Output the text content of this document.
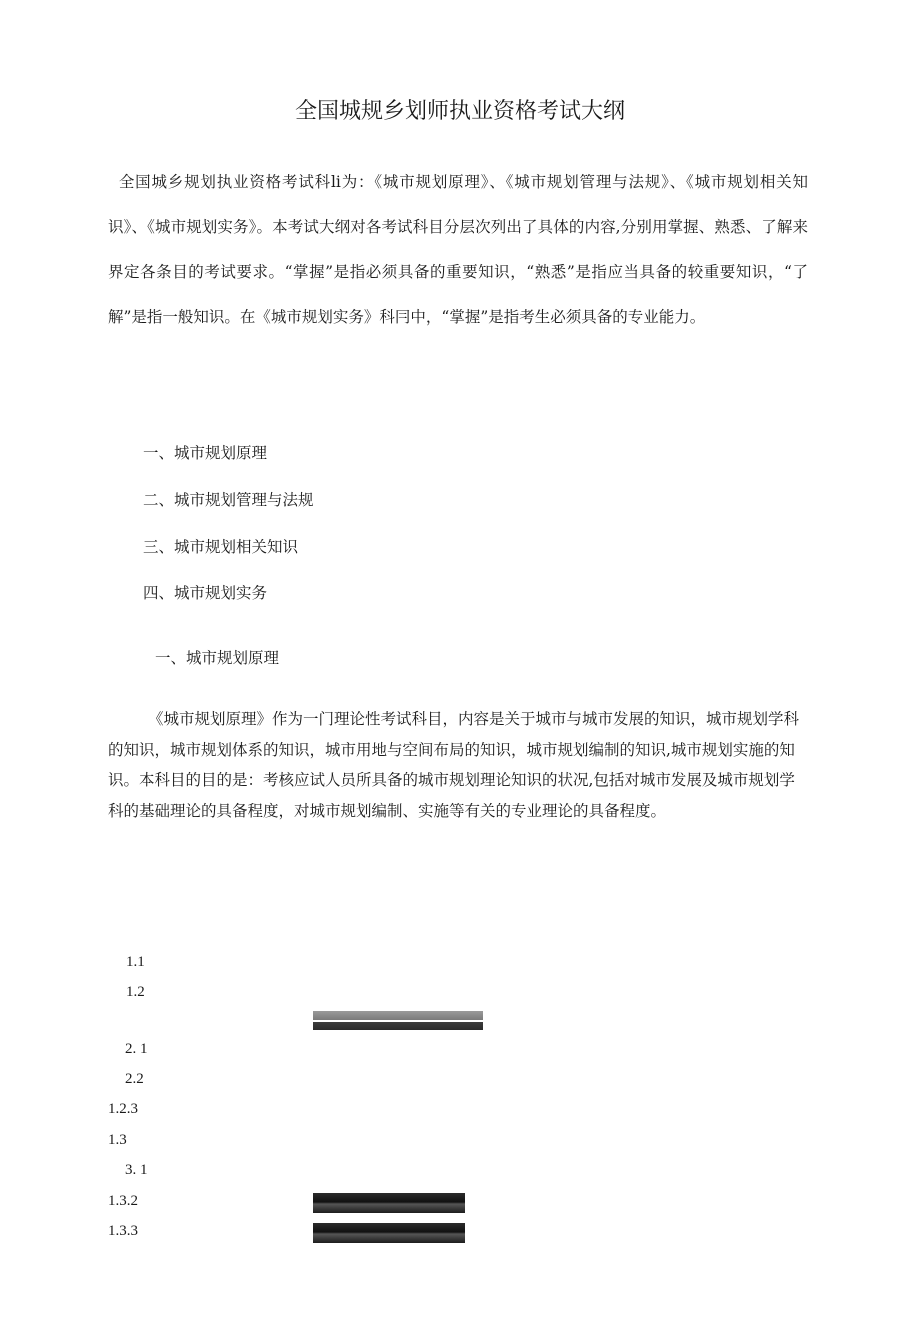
全国城规乡划师执业资格考试大纲
全国城乡规划执业资格考试科li为：《城市规划原理》、《城市规划管理与法规》、《城市规划相关知识》、《城市规划实务》。本考试大纲对各考试科目分层次列出了具体的内容,分别用掌握、熟悉、了解来界定各条目的考试要求。“掌握”是指必须具备的重要知识，“熟悉”是指应当具备的较重要知识，“了解”是指一般知识。在《城市规划实务》科冃中，“掌握”是指考生必须具备的专业能力。
一、城市规划原理
二、城市规划管理与法规
三、城市规划相关知识
四、城市规划实务
一、城市规划原理
《城市规划原理》作为一门理论性考试科目，内容是关于城市与城市发展的知识，城市规划学科的知识，城市规划体系的知识，城市用地与空间布局的知识，城市规划编制的知识,城市规划实施的知识。本科目的目的是：考核应试人员所具备的城市规划理论知识的状况,包括对城市发展及城市规划学科的基础理论的具备程度，对城市规划编制、实施等有关的专业理论的具备程度。
1.1
1.2
2. 1
2.2
1.2.3
1.3
3. 1
1.3.2
1.3.3
